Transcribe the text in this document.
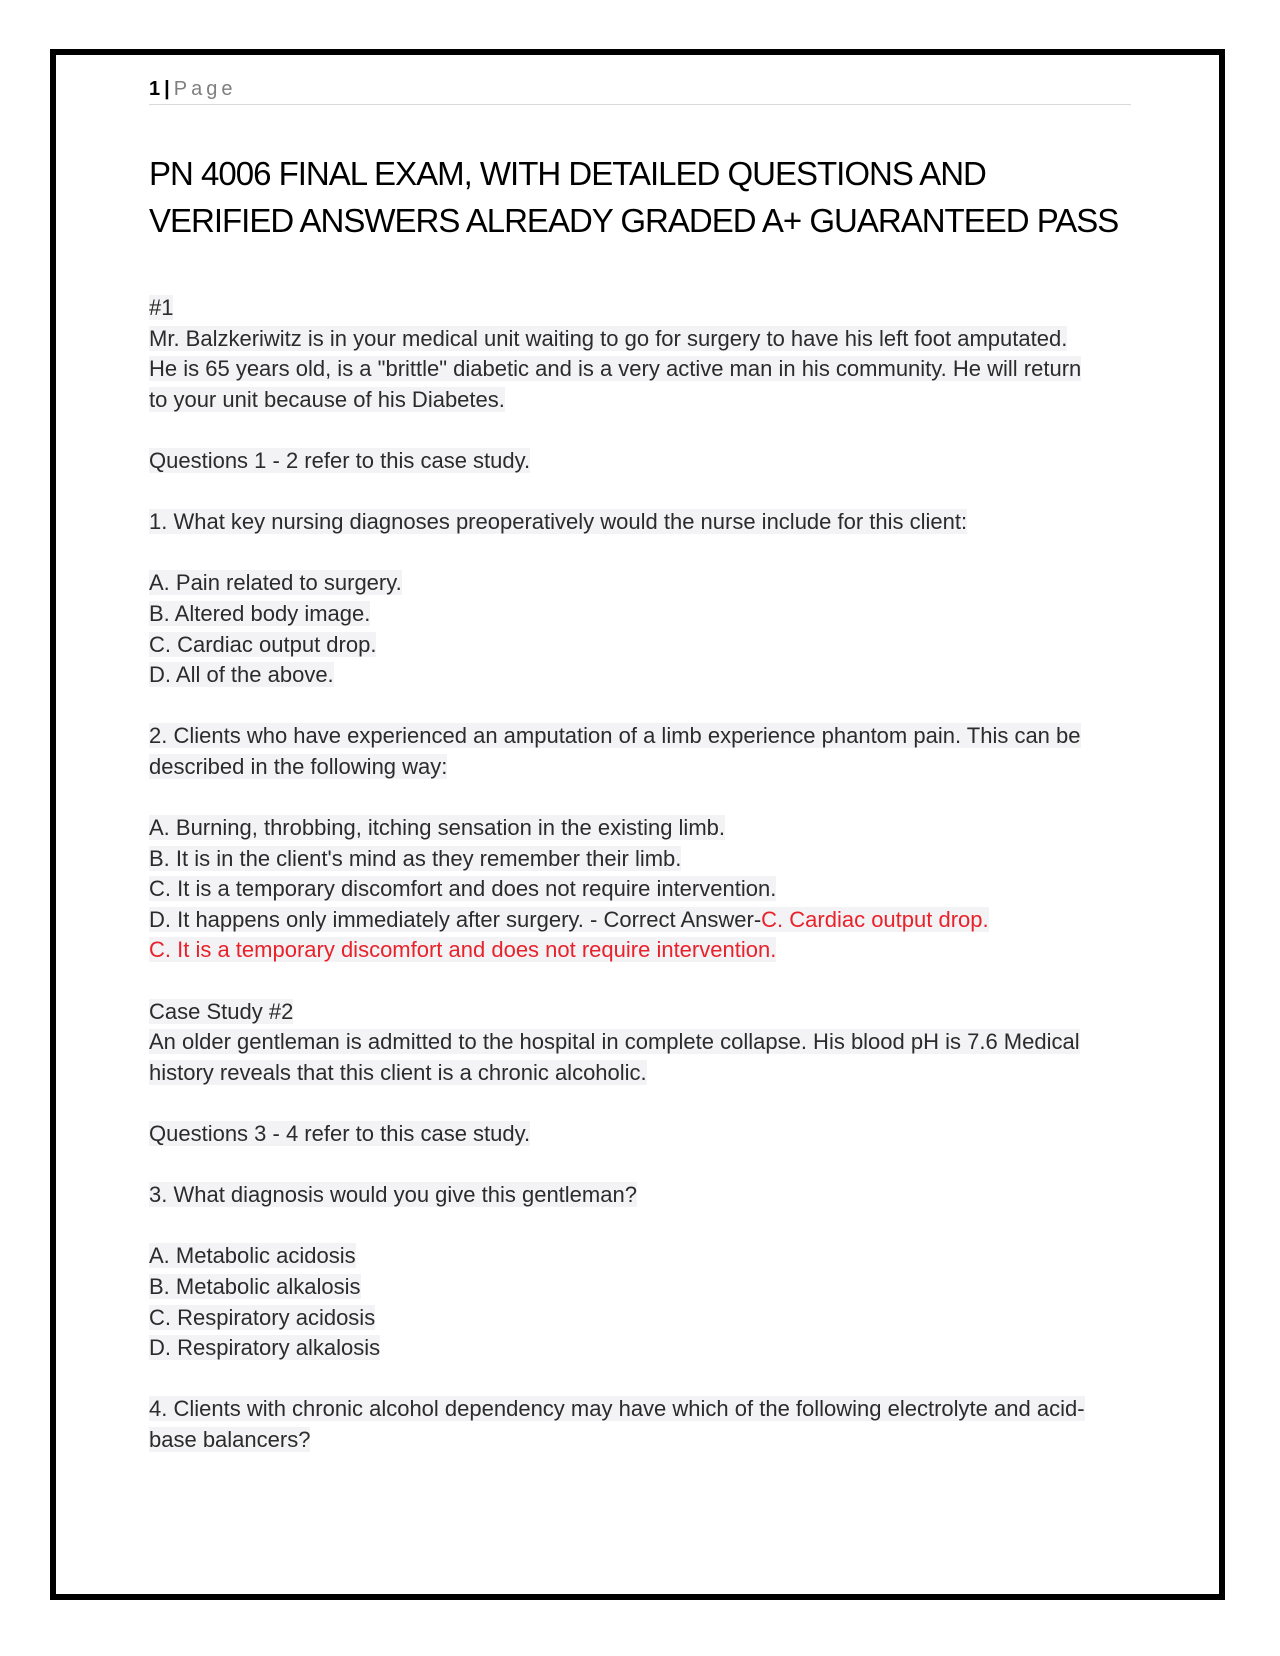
1 | Page
PN 4006 FINAL EXAM, WITH DETAILED QUESTIONS AND
VERIFIED ANSWERS ALREADY GRADED A+ GUARANTEED PASS
#1
Mr. Balzkeriwitz is in your medical unit waiting to go for surgery to have his left foot amputated.
He is 65 years old, is a "brittle" diabetic and is a very active man in his community. He will return
to your unit because of his Diabetes.
Questions 1 - 2 refer to this case study.
1. What key nursing diagnoses preoperatively would the nurse include for this client:
A. Pain related to surgery.
B. Altered body image.
C. Cardiac output drop.
D. All of the above.
2. Clients who have experienced an amputation of a limb experience phantom pain. This can be
described in the following way:
A. Burning, throbbing, itching sensation in the existing limb.
B. It is in the client's mind as they remember their limb.
C. It is a temporary discomfort and does not require intervention.
D. It happens only immediately after surgery. - Correct Answer-C. Cardiac output drop.
C. It is a temporary discomfort and does not require intervention.
Case Study #2
An older gentleman is admitted to the hospital in complete collapse. His blood pH is 7.6 Medical
history reveals that this client is a chronic alcoholic.
Questions 3 - 4 refer to this case study.
3. What diagnosis would you give this gentleman?
A. Metabolic acidosis
B. Metabolic alkalosis
C. Respiratory acidosis
D. Respiratory alkalosis
4. Clients with chronic alcohol dependency may have which of the following electrolyte and acid-
base balancers?
